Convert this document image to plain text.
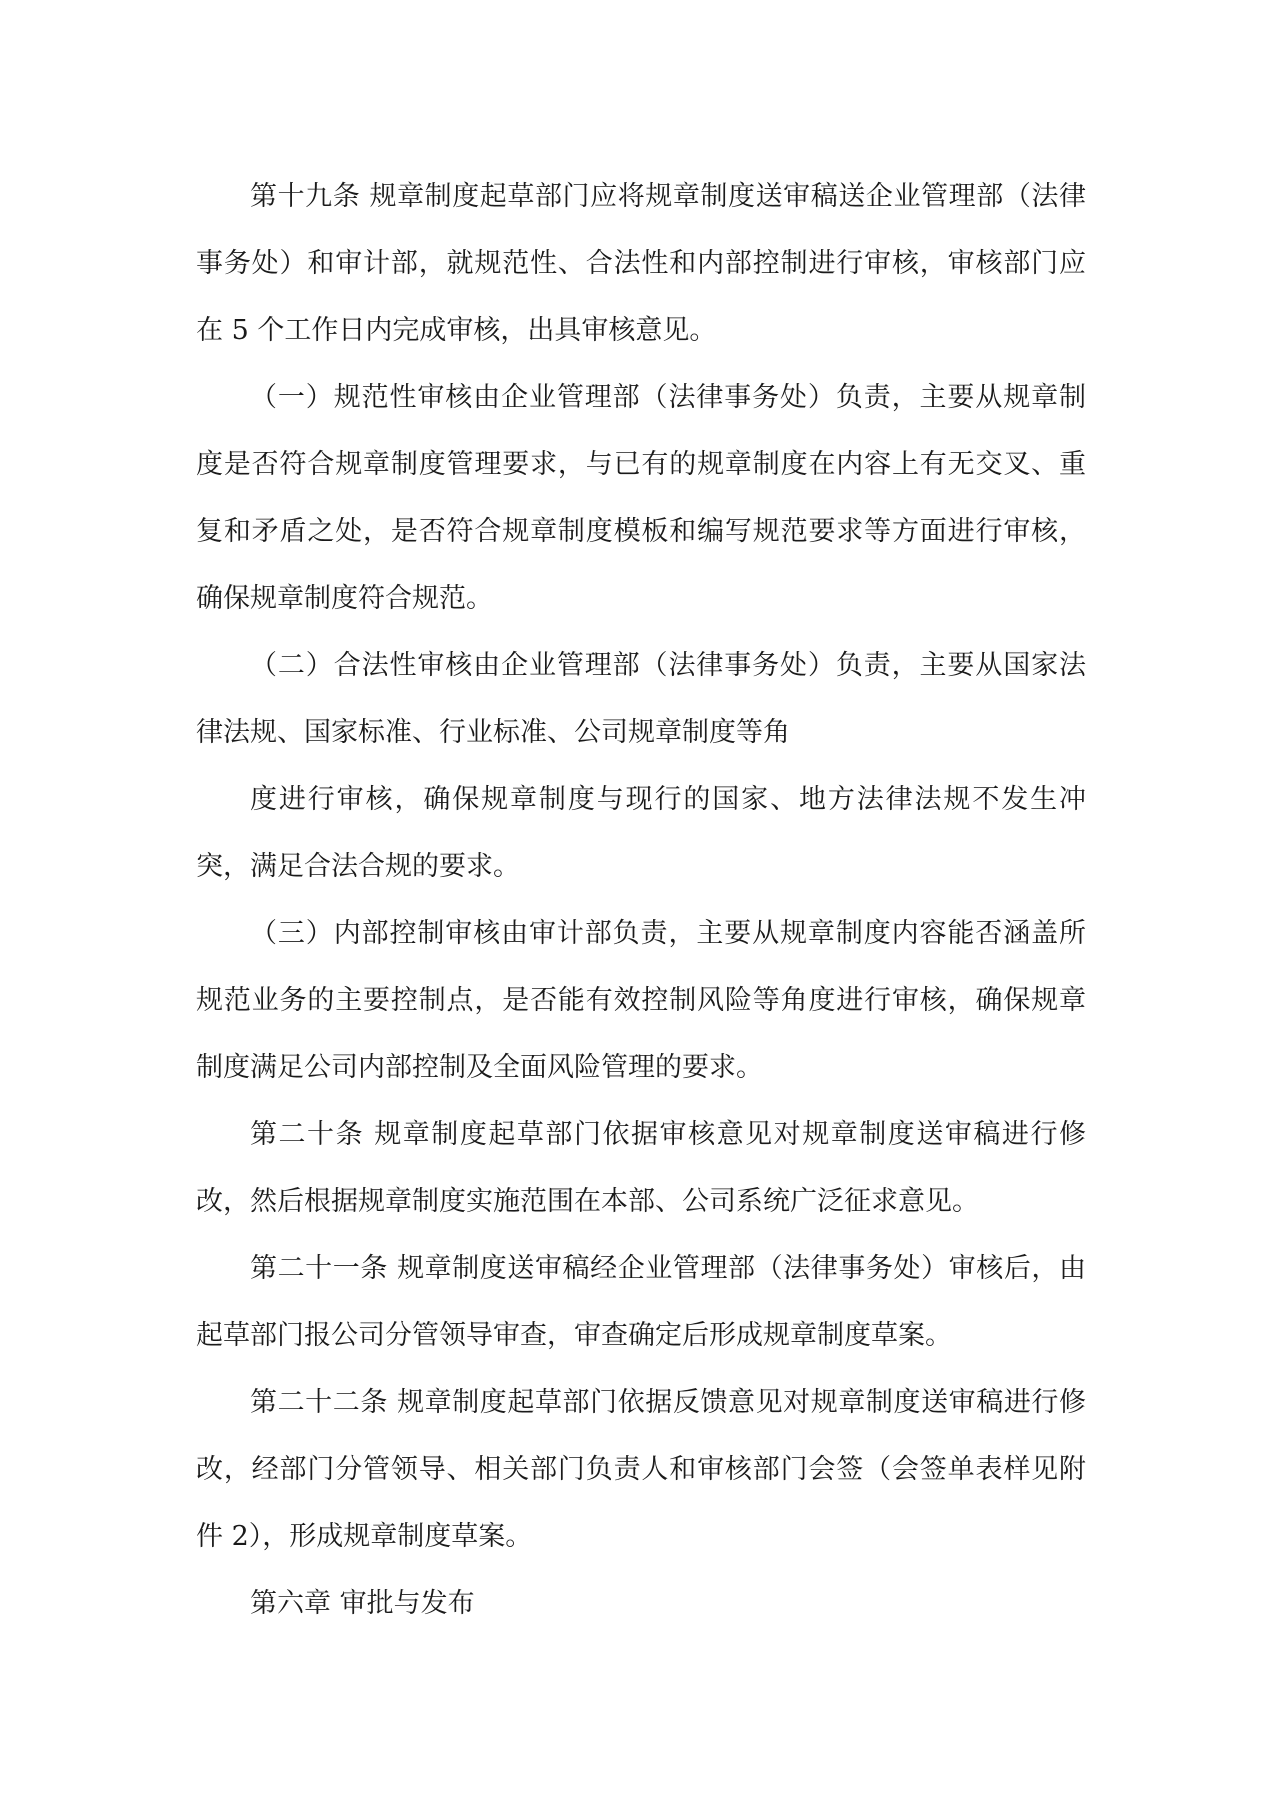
第十九条 规章制度起草部门应将规章制度送审稿送企业管理部（法律事务处）和审计部，就规范性、合法性和内部控制进行审核，审核部门应在 5 个工作日内完成审核，出具审核意见。

（一）规范性审核由企业管理部（法律事务处）负责，主要从规章制度是否符合规章制度管理要求，与已有的规章制度在内容上有无交叉、重复和矛盾之处，是否符合规章制度模板和编写规范要求等方面进行审核，确保规章制度符合规范。

（二）合法性审核由企业管理部（法律事务处）负责，主要从国家法律法规、国家标准、行业标准、公司规章制度等角

度进行审核，确保规章制度与现行的国家、地方法律法规不发生冲突，满足合法合规的要求。

（三）内部控制审核由审计部负责，主要从规章制度内容能否涵盖所规范业务的主要控制点，是否能有效控制风险等角度进行审核，确保规章制度满足公司内部控制及全面风险管理的要求。

第二十条 规章制度起草部门依据审核意见对规章制度送审稿进行修改，然后根据规章制度实施范围在本部、公司系统广泛征求意见。

第二十一条 规章制度送审稿经企业管理部（法律事务处）审核后，由起草部门报公司分管领导审查，审查确定后形成规章制度草案。

第二十二条 规章制度起草部门依据反馈意见对规章制度送审稿进行修改，经部门分管领导、相关部门负责人和审核部门会签（会签单表样见附件 2），形成规章制度草案。

第六章 审批与发布
